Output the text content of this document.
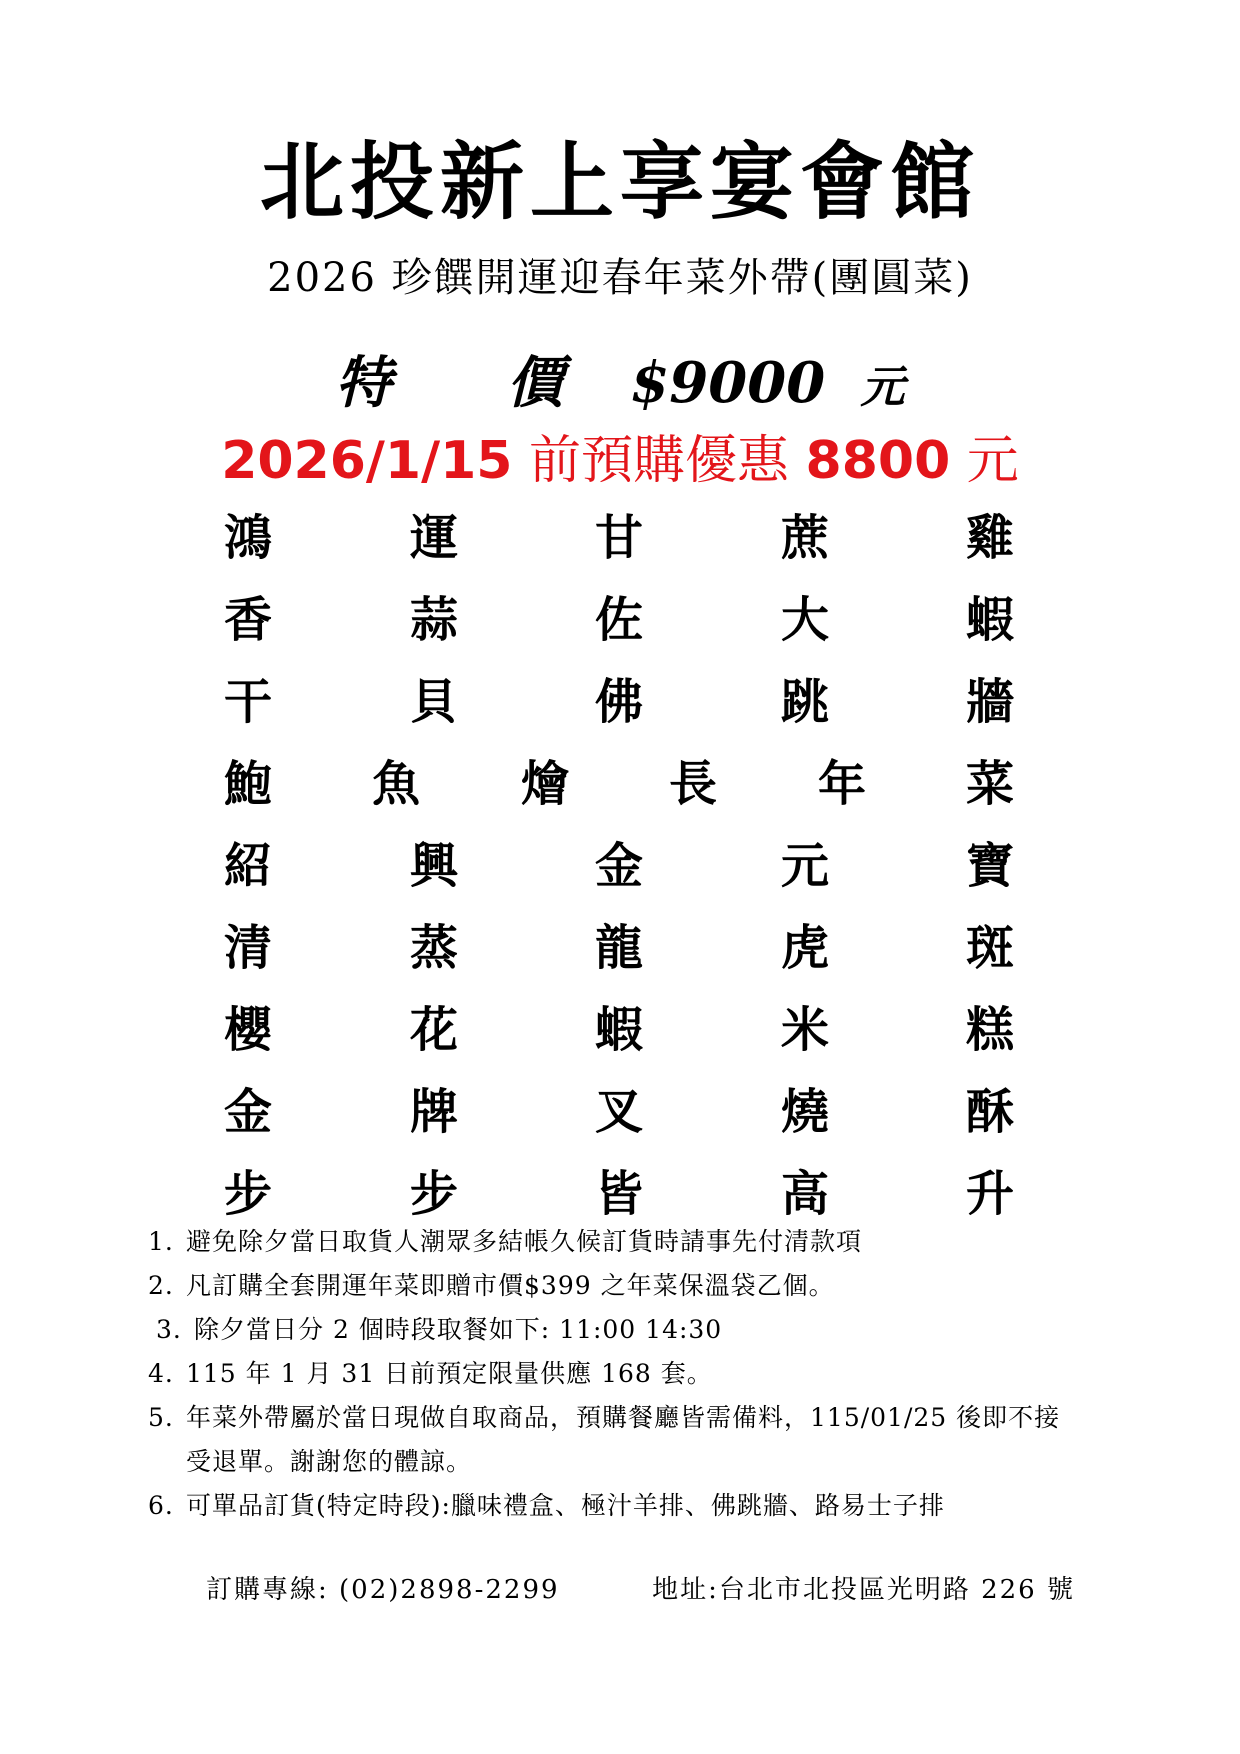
北投新上享宴會館
2026 珍饌開運迎春年菜外帶(團圓菜)
特 價 $9000 元
2026/1/15 前預購優惠 8800 元
鴻	運	甘	蔗	雞
香	蒜	佐	大	蝦
干	貝	佛	跳	牆
鮑	魚	燴	長	年	菜
紹	興	金	元	寶
清	蒸	龍	虎	斑
櫻	花	蝦	米	糕
金	牌	叉	燒	酥
步	步	皆	高	升
1. 避免除夕當日取貨人潮眾多結帳久候訂貨時請事先付清款項
2. 凡訂購全套開運年菜即贈市價$399 之年菜保溫袋乙個。
3. 除夕當日分 2 個時段取餐如下: 11:00 14:30
4. 115 年 1 月 31 日前預定限量供應 168 套。
5. 年菜外帶屬於當日現做自取商品，預購餐廳皆需備料，115/01/25 後即不接
受退單。謝謝您的體諒。
6. 可單品訂貨(特定時段):臘味禮盒、極汁羊排、佛跳牆、路易士子排
訂購專線: (02)2898-2299	地址:台北市北投區光明路 226 號
